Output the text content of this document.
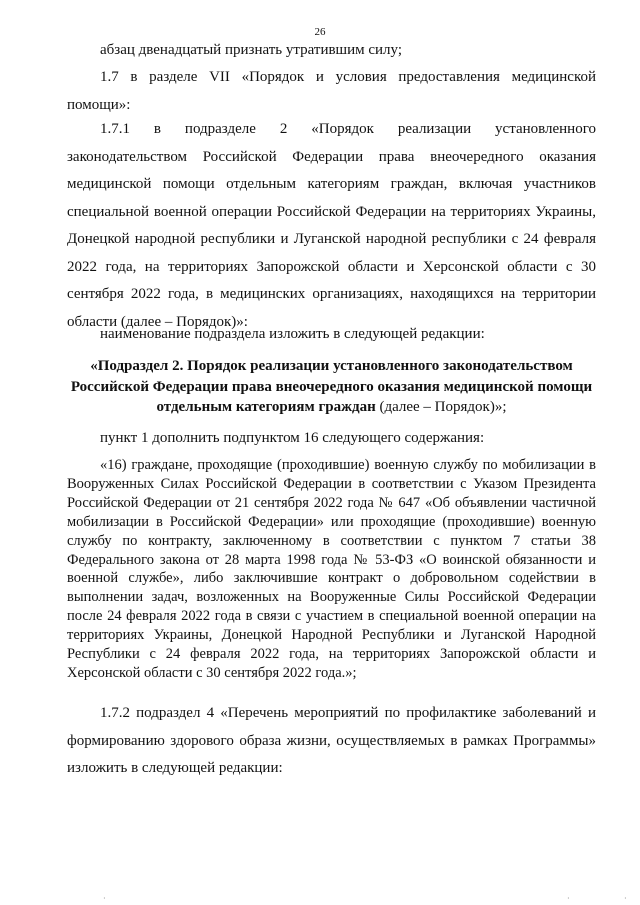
26

абзац двенадцатый признать утратившим силу;

1.7 в разделе VII «Порядок и условия предоставления медицинской помощи»:

1.7.1 в подразделе 2 «Порядок реализации установленного законодательством Российской Федерации права внеочередного оказания медицинской помощи отдельным категориям граждан, включая участников специальной военной операции Российской Федерации на территориях Украины, Донецкой народной республики и Луганской народной республики с 24 февраля 2022 года, на территориях Запорожской области и Херсонской области с 30 сентября 2022 года, в медицинских организациях, находящихся на территории области (далее – Порядок)»:

наименование подраздела изложить в следующей редакции:

«Подраздел 2. Порядок реализации установленного законодательством Российской Федерации права внеочередного оказания медицинской помощи отдельным категориям граждан (далее – Порядок)»;

пункт 1 дополнить подпунктом 16 следующего содержания:

«16) граждане, проходящие (проходившие) военную службу по мобилизации в Вооруженных Силах Российской Федерации в соответствии с Указом Президента Российской Федерации от 21 сентября 2022 года № 647 «Об объявлении частичной мобилизации в Российской Федерации» или проходящие (проходившие) военную службу по контракту, заключенному в соответствии с пунктом 7 статьи 38 Федерального закона от 28 марта 1998 года № 53-ФЗ «О воинской обязанности и военной службе», либо заключившие контракт о добровольном содействии в выполнении задач, возложенных на Вооруженные Силы Российской Федерации после 24 февраля 2022 года в связи с участием в специальной военной операции на территориях Украины, Донецкой Народной Республики и Луганской Народной Республики с 24 февраля 2022 года, на территориях Запорожской области и Херсонской области с 30 сентября 2022 года.»;

1.7.2 подраздел 4 «Перечень мероприятий по профилактике заболеваний и формированию здорового образа жизни, осуществляемых в рамках Программы» изложить в следующей редакции:

·	·	·
